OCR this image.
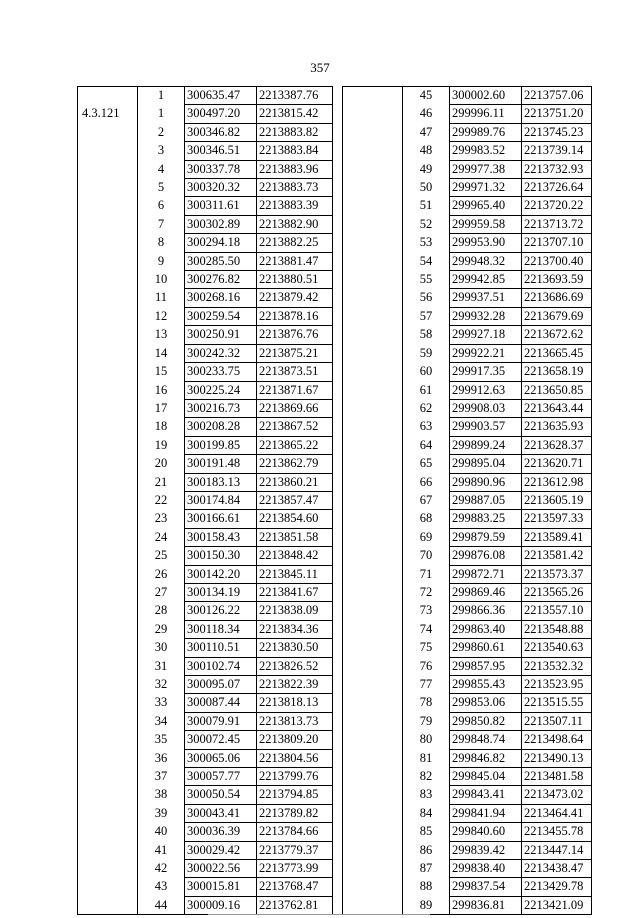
357
	1	300635.47	2213387.76
4.3.121	1	300497.20	2213815.42
	2	300346.82	2213883.82
	3	300346.51	2213883.84
	4	300337.78	2213883.96
	5	300320.32	2213883.73
	6	300311.61	2213883.39
	7	300302.89	2213882.90
	8	300294.18	2213882.25
	9	300285.50	2213881.47
	10	300276.82	2213880.51
	11	300268.16	2213879.42
	12	300259.54	2213878.16
	13	300250.91	2213876.76
	14	300242.32	2213875.21
	15	300233.75	2213873.51
	16	300225.24	2213871.67
	17	300216.73	2213869.66
	18	300208.28	2213867.52
	19	300199.85	2213865.22
	20	300191.48	2213862.79
	21	300183.13	2213860.21
	22	300174.84	2213857.47
	23	300166.61	2213854.60
	24	300158.43	2213851.58
	25	300150.30	2213848.42
	26	300142.20	2213845.11
	27	300134.19	2213841.67
	28	300126.22	2213838.09
	29	300118.34	2213834.36
	30	300110.51	2213830.50
	31	300102.74	2213826.52
	32	300095.07	2213822.39
	33	300087.44	2213818.13
	34	300079.91	2213813.73
	35	300072.45	2213809.20
	36	300065.06	2213804.56
	37	300057.77	2213799.76
	38	300050.54	2213794.85
	39	300043.41	2213789.82
	40	300036.39	2213784.66
	41	300029.42	2213779.37
	42	300022.56	2213773.99
	43	300015.81	2213768.47
	44	300009.16	2213762.81
	45	300002.60	2213757.06
	46	299996.11	2213751.20
	47	299989.76	2213745.23
	48	299983.52	2213739.14
	49	299977.38	2213732.93
	50	299971.32	2213726.64
	51	299965.40	2213720.22
	52	299959.58	2213713.72
	53	299953.90	2213707.10
	54	299948.32	2213700.40
	55	299942.85	2213693.59
	56	299937.51	2213686.69
	57	299932.28	2213679.69
	58	299927.18	2213672.62
	59	299922.21	2213665.45
	60	299917.35	2213658.19
	61	299912.63	2213650.85
	62	299908.03	2213643.44
	63	299903.57	2213635.93
	64	299899.24	2213628.37
	65	299895.04	2213620.71
	66	299890.96	2213612.98
	67	299887.05	2213605.19
	68	299883.25	2213597.33
	69	299879.59	2213589.41
	70	299876.08	2213581.42
	71	299872.71	2213573.37
	72	299869.46	2213565.26
	73	299866.36	2213557.10
	74	299863.40	2213548.88
	75	299860.61	2213540.63
	76	299857.95	2213532.32
	77	299855.43	2213523.95
	78	299853.06	2213515.55
	79	299850.82	2213507.11
	80	299848.74	2213498.64
	81	299846.82	2213490.13
	82	299845.04	2213481.58
	83	299843.41	2213473.02
	84	299841.94	2213464.41
	85	299840.60	2213455.78
	86	299839.42	2213447.14
	87	299838.40	2213438.47
	88	299837.54	2213429.78
	89	299836.81	2213421.09
